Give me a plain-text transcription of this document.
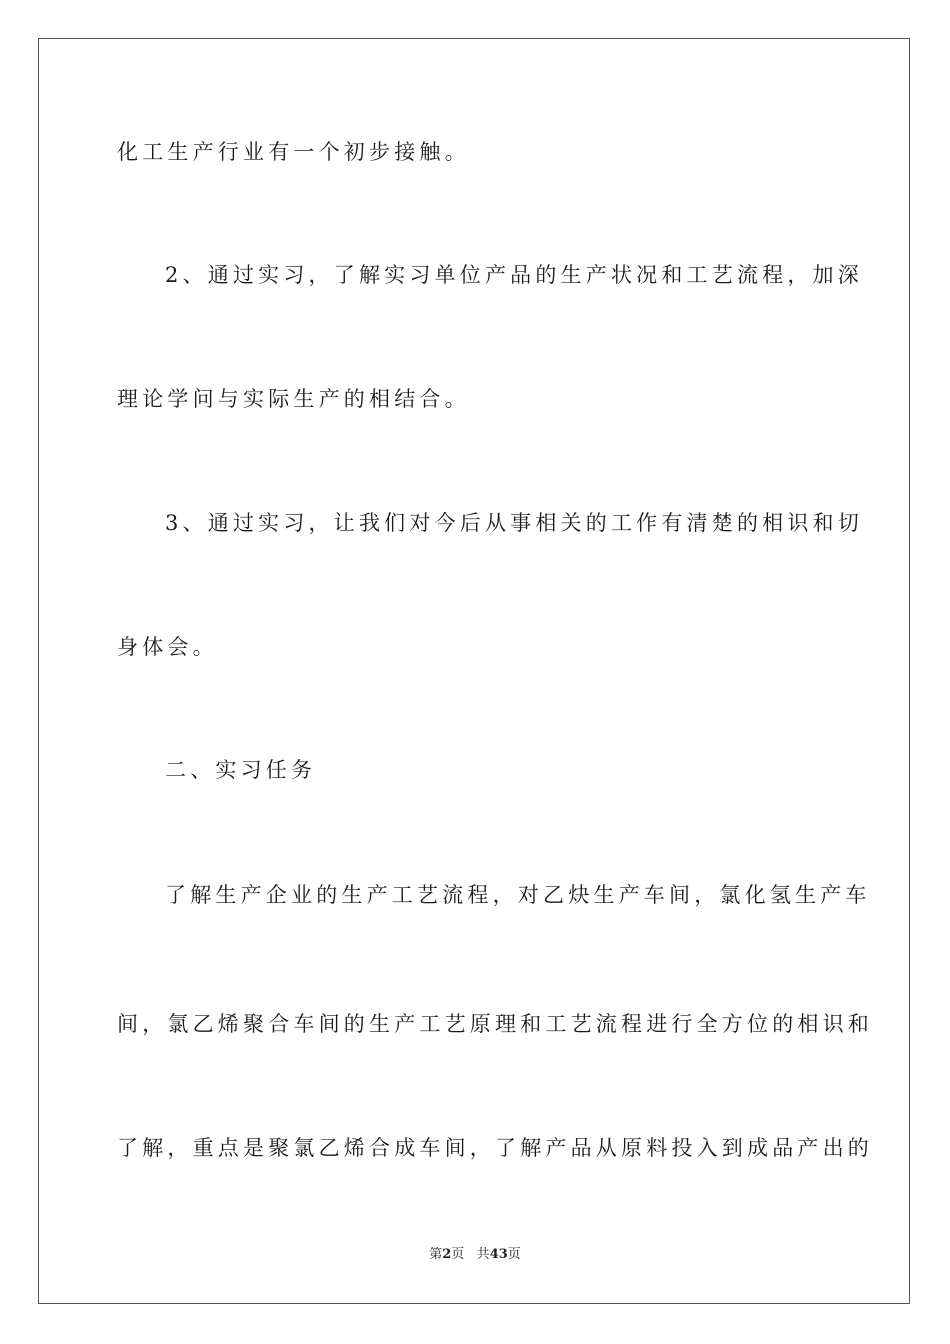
化工生产行业有一个初步接触。
2、通过实习，了解实习单位产品的生产状况和工艺流程，加深
理论学问与实际生产的相结合。
3、通过实习，让我们对今后从事相关的工作有清楚的相识和切
身体会。
二、实习任务
了解生产企业的生产工艺流程，对乙炔生产车间，氯化氢生产车
间，氯乙烯聚合车间的生产工艺原理和工艺流程进行全方位的相识和
了解，重点是聚氯乙烯合成车间，了解产品从原料投入到成品产出的
第2页 共43页
